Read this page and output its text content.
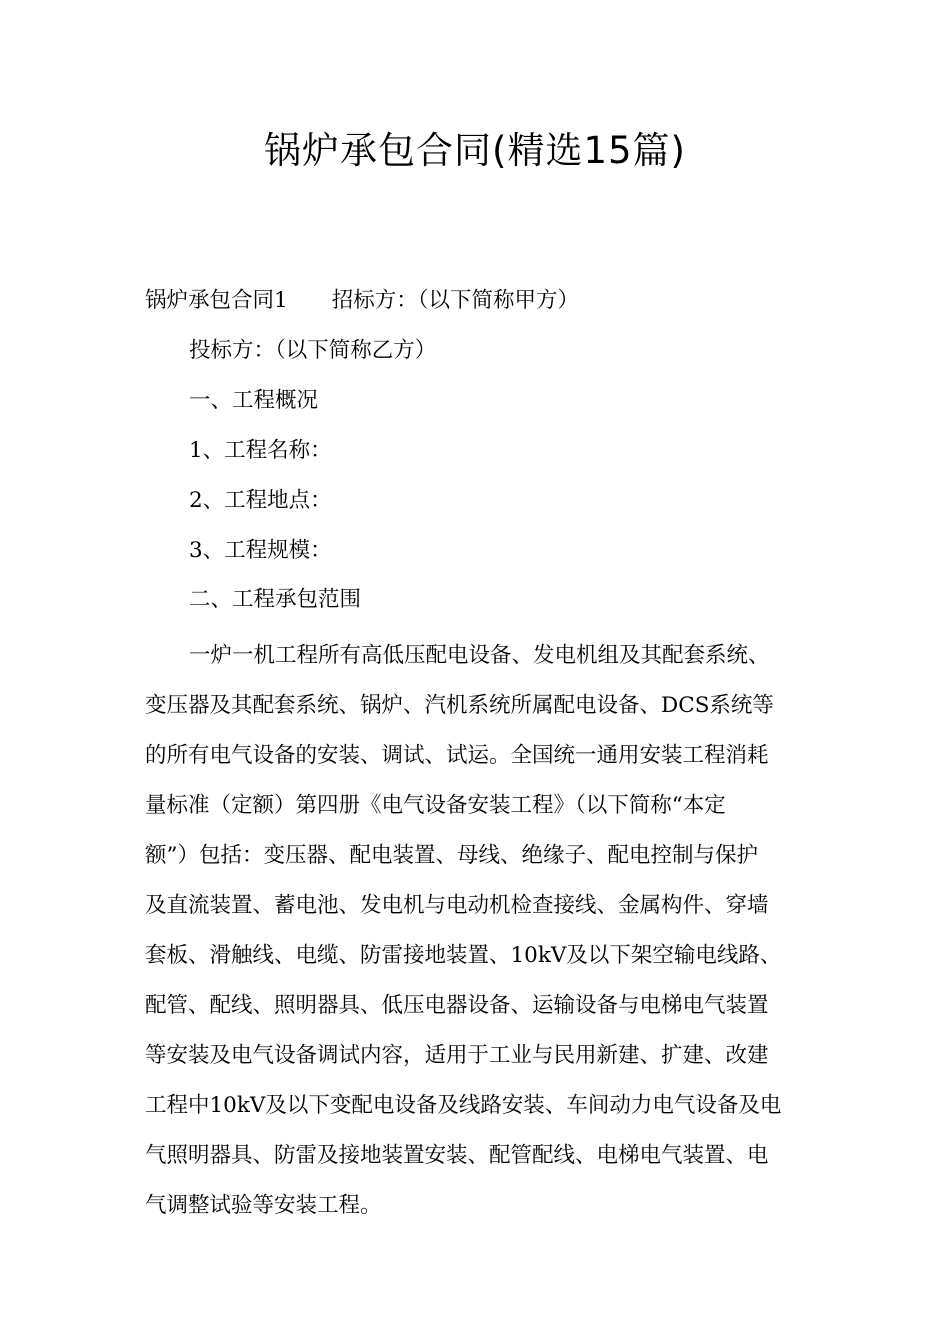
锅炉承包合同(精选15篇)
锅炉承包合同1 招标方：（以下简称甲方）
投标方：（以下简称乙方）
一、工程概况
1、工程名称：
2、工程地点：
3、工程规模：
二、工程承包范围
一炉一机工程所有高低压配电设备、发电机组及其配套系统、
变压器及其配套系统、锅炉、汽机系统所属配电设备、DCS系统等
的所有电气设备的安装、调试、试运。全国统一通用安装工程消耗
量标准（定额）第四册《电气设备安装工程》（以下简称“本定
额”）包括：变压器、配电装置、母线、绝缘子、配电控制与保护
及直流装置、蓄电池、发电机与电动机检查接线、金属构件、穿墙
套板、滑触线、电缆、防雷接地装置、10kV及以下架空输电线路、
配管、配线、照明器具、低压电器设备、运输设备与电梯电气装置
等安装及电气设备调试内容，适用于工业与民用新建、扩建、改建
工程中10kV及以下变配电设备及线路安装、车间动力电气设备及电
气照明器具、防雷及接地装置安装、配管配线、电梯电气装置、电
气调整试验等安装工程。
